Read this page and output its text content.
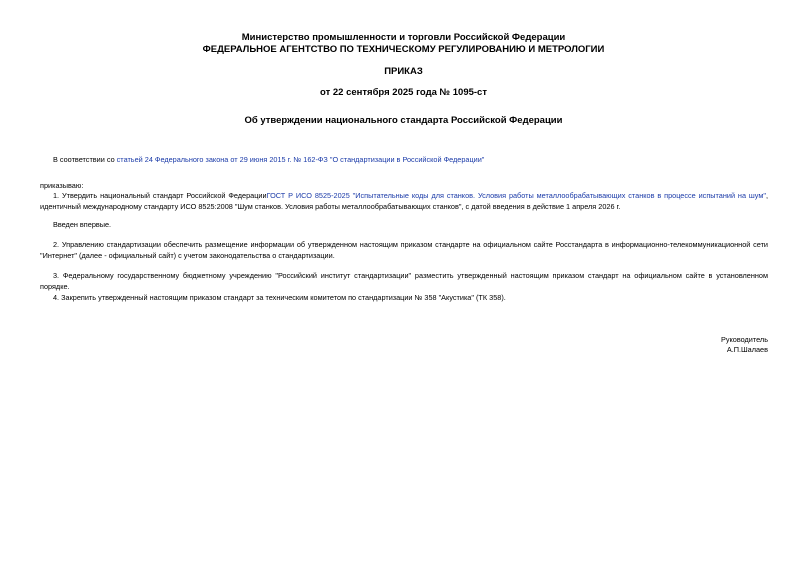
Министерство промышленности и торговли Российской Федерации
ФЕДЕРАЛЬНОЕ АГЕНТСТВО ПО ТЕХНИЧЕСКОМУ РЕГУЛИРОВАНИЮ И МЕТРОЛОГИИ
ПРИКАЗ
от 22 сентября 2025 года № 1095-ст
Об утверждении национального стандарта Российской Федерации
В соответствии со статьей 24 Федерального закона от 29 июня 2015 г. № 162-ФЗ "О стандартизации в Российской Федерации"
приказываю:
1. Утвердить национальный стандарт Российской ФедерацииГОСТ Р ИСО 8525-2025 "Испытательные коды для станков. Условия работы металлообрабатывающих станков в процессе испытаний на шум", идентичный международному стандарту ИСО 8525:2008 "Шум станков. Условия работы металлообрабатывающих станков", с датой введения в действие 1 апреля 2026 г.
Введен впервые.
2. Управлению стандартизации обеспечить размещение информации об утвержденном настоящим приказом стандарте на официальном сайте Росстандарта в информационно-телекоммуникационной сети "Интернет" (далее - официальный сайт) с учетом законодательства о стандартизации.
3. Федеральному государственному бюджетному учреждению "Российский институт стандартизации" разместить утвержденный настоящим приказом стандарт на официальном сайте в установленном порядке.
4. Закрепить утвержденный настоящим приказом стандарт за техническим комитетом по стандартизации № 358 "Акустика" (ТК 358).
Руководитель
А.П.Шалаев
